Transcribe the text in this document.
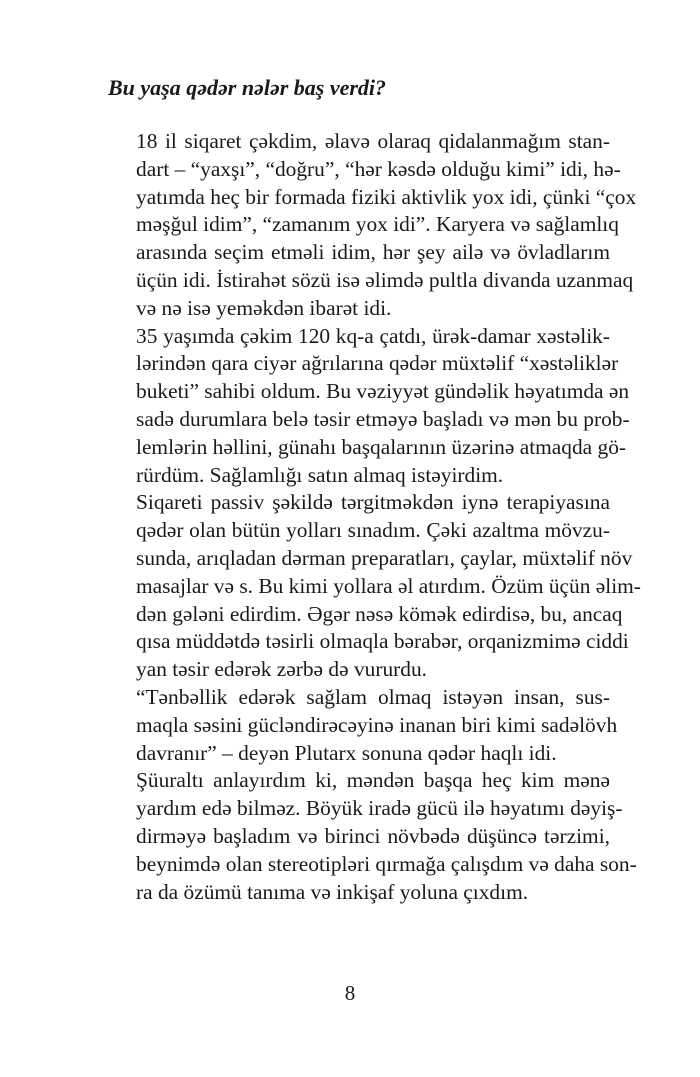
Bu yaşa qədər nələr baş verdi?

18 il siqaret çəkdim, əlavə olaraq qidalanmağım stan-
dart – “yaxşı”, “doğru”, “hər kəsdə olduğu kimi” idi, hə-
yatımda heç bir formada fiziki aktivlik yox idi, çünki “çox
məşğul idim”, “zamanım yox idi”. Karyera və sağlamlıq
arasında seçim etməli idim, hər şey ailə və övladlarım
üçün idi. İstirahət sözü isə əlimdə pultla divanda uzanmaq
və nə isə yeməkdən ibarət idi.

35 yaşımda çəkim 120 kq-a çatdı, ürək-damar xəstəlik-
lərindən qara ciyər ağrılarına qədər müxtəlif “xəstəliklər
buketi” sahibi oldum. Bu vəziyyət gündəlik həyatımda ən
sadə durumlara belə təsir etməyə başladı və mən bu prob-
lemlərin həllini, günahı başqalarının üzərinə atmaqda gö-
rürdüm. Sağlamlığı satın almaq istəyirdim.

Siqareti passiv şəkildə tərgitməkdən iynə terapiyasına
qədər olan bütün yolları sınadım. Çəki azaltma mövzu-
sunda, arıqladan dərman preparatları, çaylar, müxtəlif növ
masajlar və s. Bu kimi yollara əl atırdım. Özüm üçün əlim-
dən gələni edirdim. Əgər nəsə kömək edirdisə, bu, ancaq
qısa müddətdə təsirli olmaqla bərabər, orqanizmimə ciddi
yan təsir edərək zərbə də vururdu.

“Tənbəllik edərək sağlam olmaq istəyən insan, sus-
maqla səsini gücləndirəcəyinə inanan biri kimi sadəlövh
davranır” – deyən Plutarx sonuna qədər haqlı idi.

Şüuraltı anlayırdım ki, məndən başqa heç kim mənə
yardım edə bilməz. Böyük iradə gücü ilə həyatımı dəyiş-
dirməyə başladım və birinci növbədə düşüncə tərzimi,
beynimdə olan stereotipləri qırmağa çalışdım və daha son-
ra da özümü tanıma və inkişaf yoluna çıxdım.

8
